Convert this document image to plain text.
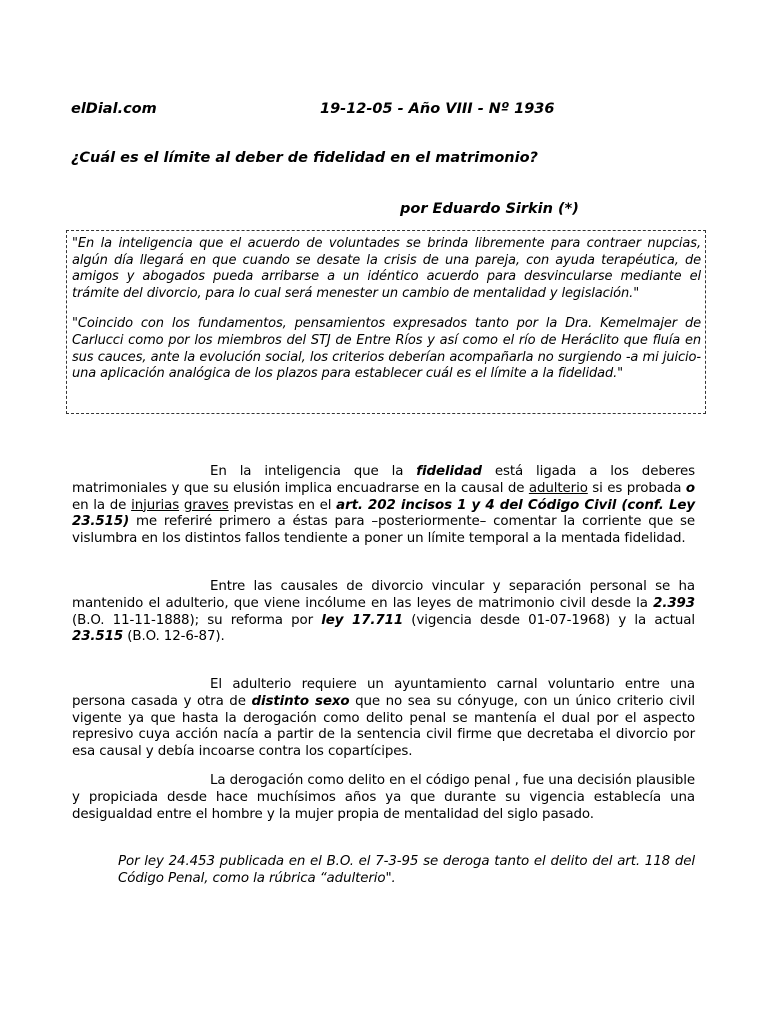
elDial.com	19-12-05 - Año VIII - Nº 1936
¿Cuál es el límite al deber de fidelidad en el matrimonio?
por Eduardo Sirkin (*)

"En la inteligencia que el acuerdo de voluntades se brinda libremente para contraer nupcias, algún día llegará en que cuando se desate la crisis de una pareja, con ayuda terapéutica, de amigos y abogados pueda arribarse a un idéntico acuerdo para desvincularse mediante el trámite del divorcio, para lo cual será menester un cambio de mentalidad y legislación."

"Coincido con los fundamentos, pensamientos expresados tanto por la Dra. Kemelmajer de Carlucci como por los miembros del STJ de Entre Ríos y así como el río de Heráclito que fluía en sus cauces, ante la evolución social, los criterios deberían acompañarla no surgiendo -a mi juicio- una aplicación analógica de los plazos para establecer cuál es el límite a la fidelidad."

En la inteligencia que la fidelidad está ligada a los deberes matrimoniales y que su elusión implica encuadrarse en la causal de adulterio si es probada o en la de injurias graves previstas en el art. 202 incisos 1 y 4 del Código Civil (conf. Ley 23.515) me referiré primero a éstas para –posteriormente– comentar la corriente que se vislumbra en los distintos fallos tendiente a poner un límite temporal a la mentada fidelidad.

Entre las causales de divorcio vincular y separación personal se ha mantenido el adulterio, que viene incólume en las leyes de matrimonio civil desde la 2.393 (B.O. 11-11-1888); su reforma por ley 17.711 (vigencia desde 01-07-1968) y la actual 23.515 (B.O. 12-6-87).

El adulterio requiere un ayuntamiento carnal voluntario entre una persona casada y otra de distinto sexo que no sea su cónyuge, con un único criterio civil vigente ya que hasta la derogación como delito penal se mantenía el dual por el aspecto represivo cuya acción nacía a partir de la sentencia civil firme que decretaba el divorcio por esa causal y debía incoarse contra los copartícipes.

La derogación como delito en el código penal , fue una decisión plausible y propiciada desde hace muchísimos años ya que durante su vigencia establecía una desigualdad entre el hombre y la mujer propia de mentalidad del siglo pasado.

Por ley 24.453 publicada en el B.O. el 7-3-95 se deroga tanto el delito del art. 118 del Código Penal, como la rúbrica “adulterio".
